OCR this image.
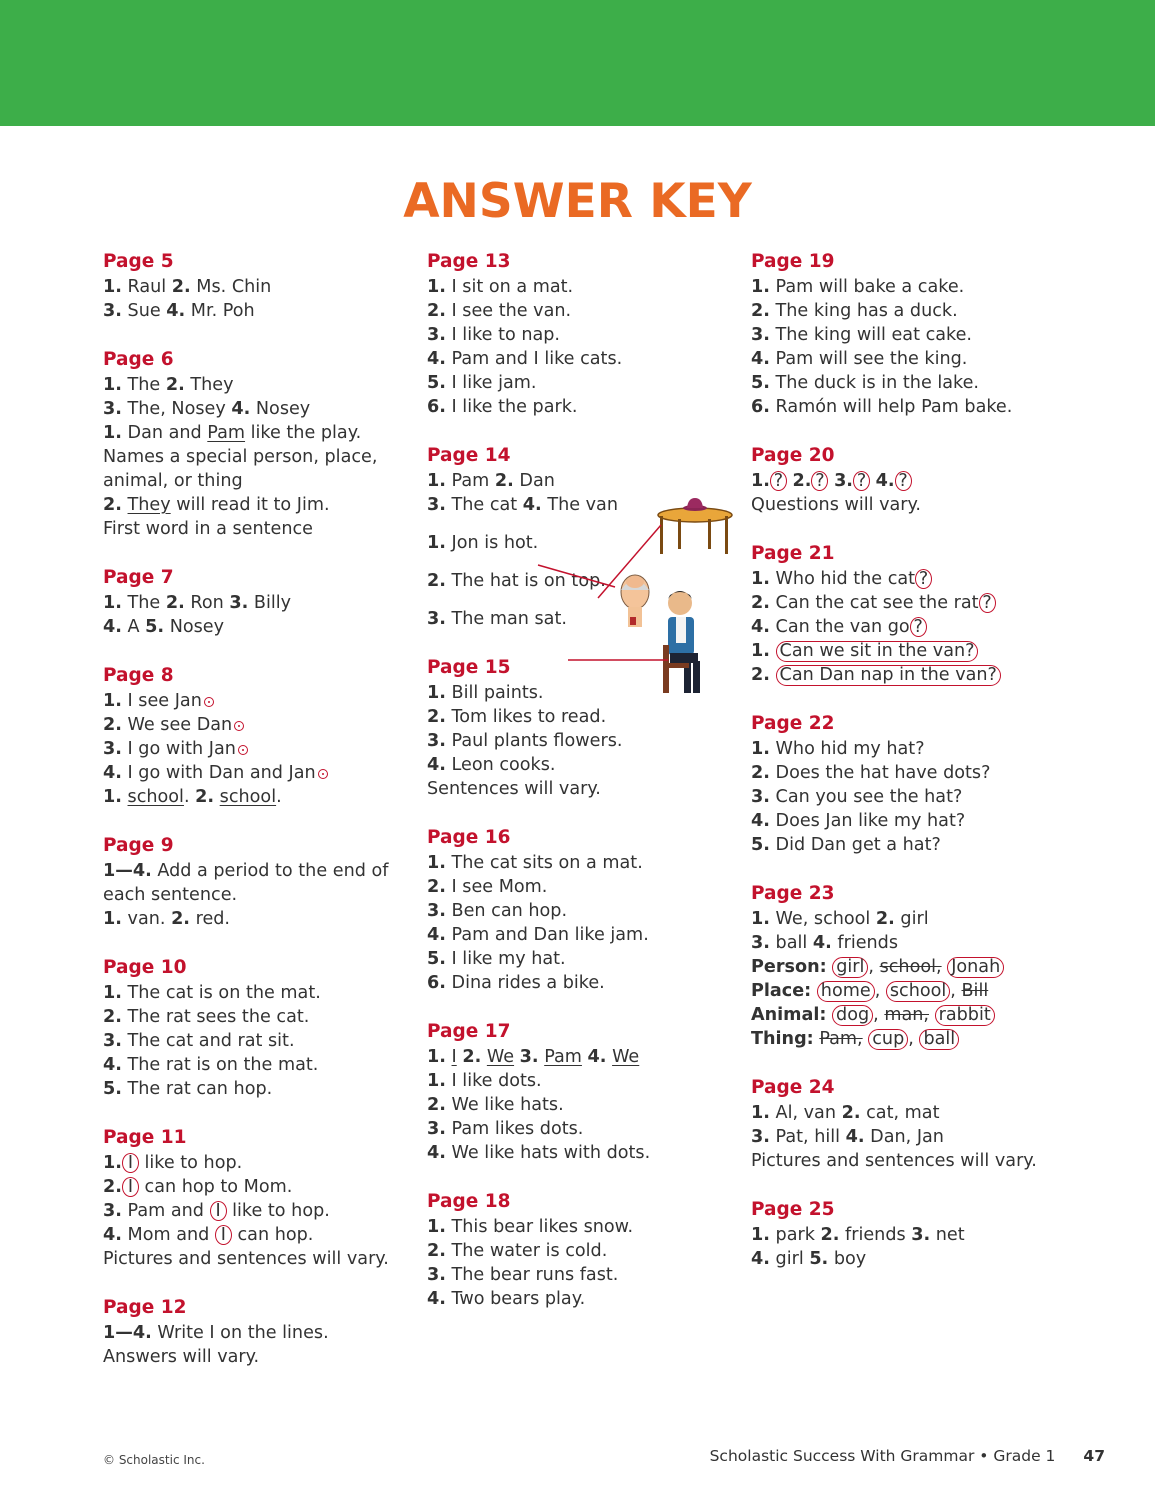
ANSWER KEY
Page 5
1. Raul 2. Ms. Chin
3. Sue 4. Mr. Poh
Page 6
1. The 2. They
3. The, Nosey 4. Nosey
1. Dan and Pam like the play.
Names a special person, place,
animal, or thing
2. They will read it to Jim.
First word in a sentence
Page 7
1. The 2. Ron 3. Billy
4. A 5. Nosey
Page 8
1. I see Jan
2. We see Dan
3. I go with Jan
4. I go with Dan and Jan
1. school. 2. school.
Page 9
1—4. Add a period to the end of
each sentence.
1. van. 2. red.
Page 10
1. The cat is on the mat.
2. The rat sees the cat.
3. The cat and rat sit.
4. The rat is on the mat.
5. The rat can hop.
Page 11
1. I like to hop.
2. I can hop to Mom.
3. Pam and I like to hop.
4. Mom and I can hop.
Pictures and sentences will vary.
Page 12
1—4. Write I on the lines.
Answers will vary.
Page 13
1. I sit on a mat.
2. I see the van.
3. I like to nap.
4. Pam and I like cats.
5. I like jam.
6. I like the park.
Page 14
1. Pam 2. Dan
3. The cat 4. The van
1. Jon is hot.
2. The hat is on top.
3. The man sat.
Page 15
1. Bill paints.
2. Tom likes to read.
3. Paul plants flowers.
4. Leon cooks.
Sentences will vary.
Page 16
1. The cat sits on a mat.
2. I see Mom.
3. Ben can hop.
4. Pam and Dan like jam.
5. I like my hat.
6. Dina rides a bike.
Page 17
1. I 2. We 3. Pam 4. We
1. I like dots.
2. We like hats.
3. Pam likes dots.
4. We like hats with dots.
Page 18
1. This bear likes snow.
2. The water is cold.
3. The bear runs fast.
4. Two bears play.
Page 19
1. Pam will bake a cake.
2. The king has a duck.
3. The king will eat cake.
4. Pam will see the king.
5. The duck is in the lake.
6. Ramón will help Pam bake.
Page 20
1. ? 2. ? 3. ? 4. ?
Questions will vary.
Page 21
1. Who hid the cat ?
2. Can the cat see the rat ?
4. Can the van go ?
1. Can we sit in the van?
2. Can Dan nap in the van?
Page 22
1. Who hid my hat?
2. Does the hat have dots?
3. Can you see the hat?
4. Does Jan like my hat?
5. Did Dan get a hat?
Page 23
1. We, school 2. girl
3. ball 4. friends
Person: girl , school, Jonah
Place: home , school , Bill
Animal: dog , man, rabbit
Thing: Pam, cup , ball
Page 24
1. Al, van 2. cat, mat
3. Pat, hill 4. Dan, Jan
Pictures and sentences will vary.
Page 25
1. park 2. friends 3. net
4. girl 5. boy
© Scholastic Inc.	Scholastic Success With Grammar • Grade 1 47
